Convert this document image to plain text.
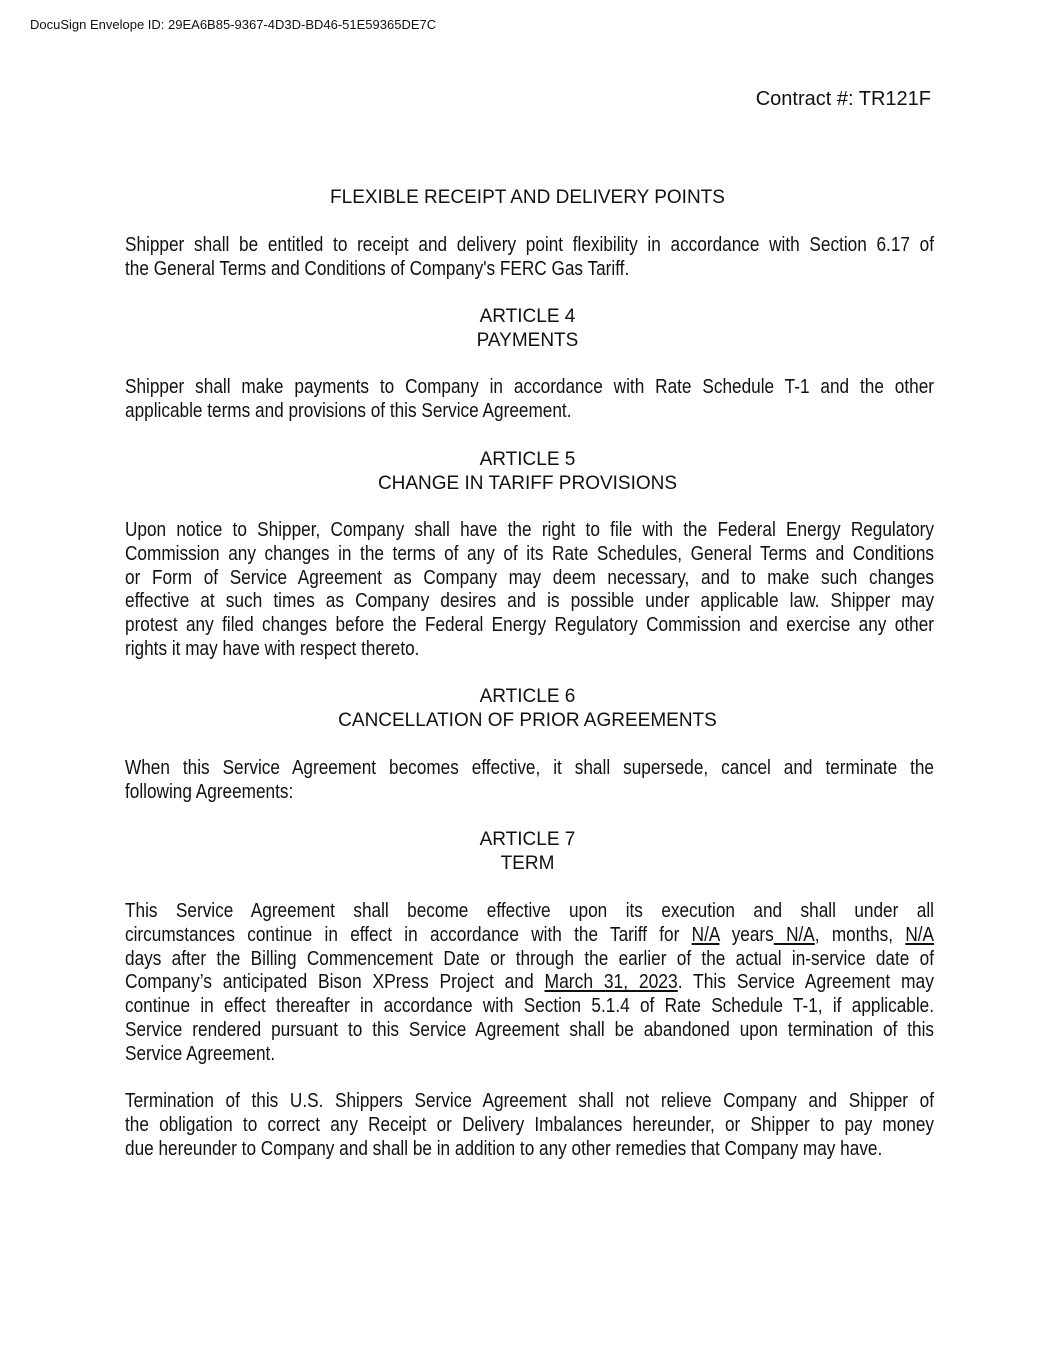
DocuSign Envelope ID: 29EA6B85-9367-4D3D-BD46-51E59365DE7C
Contract #: TR121F
FLEXIBLE RECEIPT AND DELIVERY POINTS
Shipper shall be entitled to receipt and delivery point flexibility in accordance with Section 6.17 of
the General Terms and Conditions of Company's FERC Gas Tariff.
ARTICLE 4
PAYMENTS
Shipper shall make payments to Company in accordance with Rate Schedule T-1 and the other
applicable terms and provisions of this Service Agreement.
ARTICLE 5
CHANGE IN TARIFF PROVISIONS
Upon notice to Shipper, Company shall have the right to file with the Federal Energy Regulatory
Commission any changes in the terms of any of its Rate Schedules, General Terms and Conditions
or Form of Service Agreement as Company may deem necessary, and to make such changes
effective at such times as Company desires and is possible under applicable law. Shipper may
protest any filed changes before the Federal Energy Regulatory Commission and exercise any other
rights it may have with respect thereto.
ARTICLE 6
CANCELLATION OF PRIOR AGREEMENTS
When this Service Agreement becomes effective, it shall supersede, cancel and terminate the
following Agreements:
ARTICLE 7
TERM
This Service Agreement shall become effective upon its execution and shall under all
circumstances continue in effect in accordance with the Tariff for N/A years N/A, months, N/A
days after the Billing Commencement Date or through the earlier of the actual in-service date of
Company’s anticipated Bison XPress Project and March 31, 2023. This Service Agreement may
continue in effect thereafter in accordance with Section 5.1.4 of Rate Schedule T-1, if applicable.
Service rendered pursuant to this Service Agreement shall be abandoned upon termination of this
Service Agreement.
Termination of this U.S. Shippers Service Agreement shall not relieve Company and Shipper of
the obligation to correct any Receipt or Delivery Imbalances hereunder, or Shipper to pay money
due hereunder to Company and shall be in addition to any other remedies that Company may have.
